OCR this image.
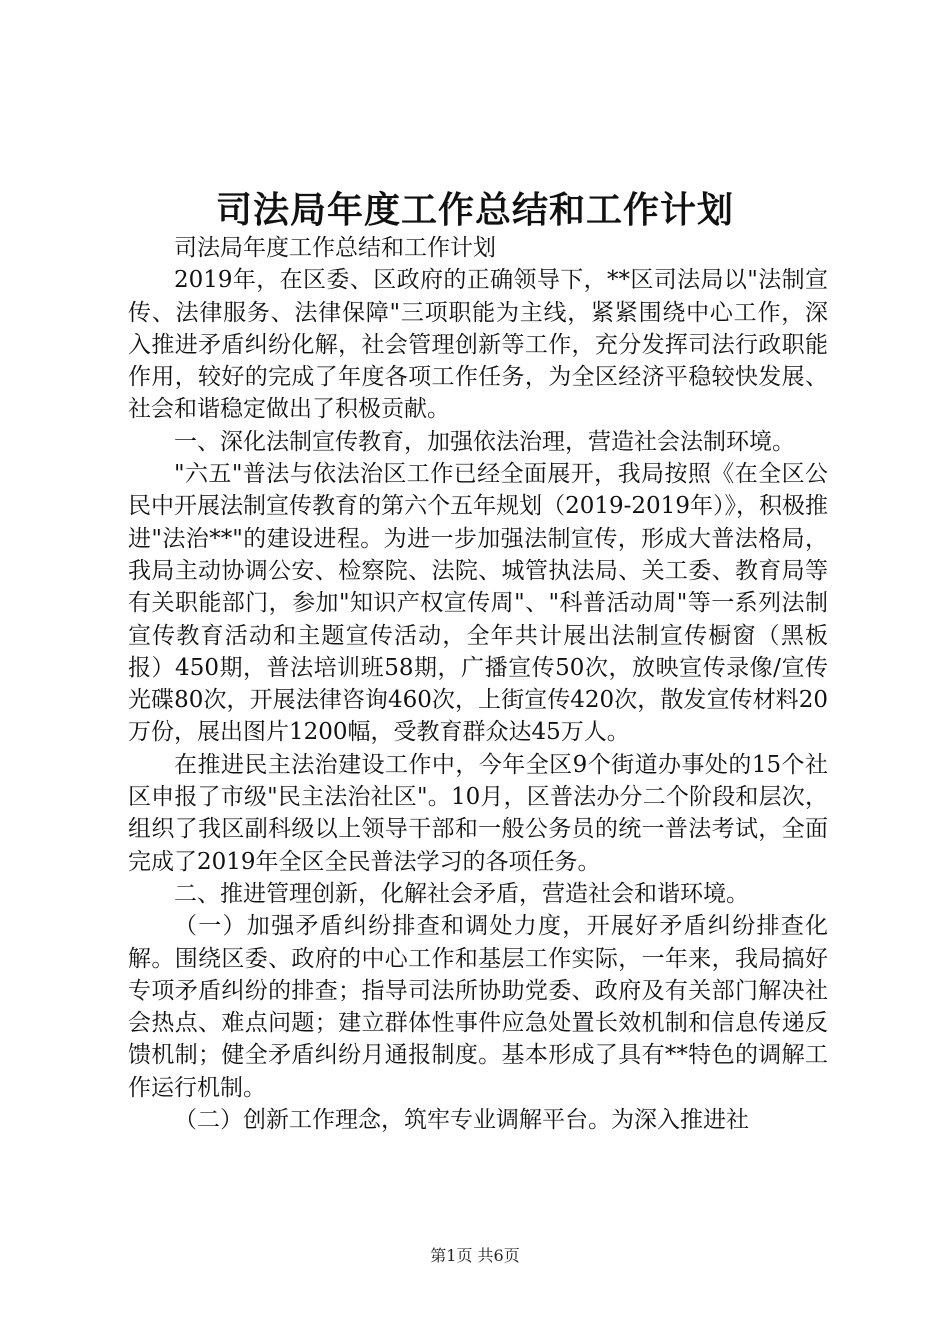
司法局年度工作总结和工作计划

司法局年度工作总结和工作计划

2019年，在区委、区政府的正确领导下，**区司法局以"法制宣传、法律服务、法律保障"三项职能为主线，紧紧围绕中心工作，深入推进矛盾纠纷化解，社会管理创新等工作，充分发挥司法行政职能作用，较好的完成了年度各项工作任务，为全区经济平稳较快发展、社会和谐稳定做出了积极贡献。

一、深化法制宣传教育，加强依法治理，营造社会法制环境。

"六五"普法与依法治区工作已经全面展开，我局按照《在全区公民中开展法制宣传教育的第六个五年规划（2019-2019年）》，积极推进"法治**"的建设进程。为进一步加强法制宣传，形成大普法格局，我局主动协调公安、检察院、法院、城管执法局、关工委、教育局等有关职能部门，参加"知识产权宣传周"、"科普活动周"等一系列法制宣传教育活动和主题宣传活动，全年共计展出法制宣传橱窗（黑板报）450期，普法培训班58期，广播宣传50次，放映宣传录像/宣传光碟80次，开展法律咨询460次，上街宣传420次，散发宣传材料20万份，展出图片1200幅，受教育群众达45万人。

在推进民主法治建设工作中，今年全区9个街道办事处的15个社区申报了市级"民主法治社区"。10月，区普法办分二个阶段和层次，组织了我区副科级以上领导干部和一般公务员的统一普法考试，全面完成了2019年全区全民普法学习的各项任务。

二、推进管理创新，化解社会矛盾，营造社会和谐环境。

（一）加强矛盾纠纷排查和调处力度，开展好矛盾纠纷排查化解。围绕区委、政府的中心工作和基层工作实际，一年来，我局搞好专项矛盾纠纷的排查；指导司法所协助党委、政府及有关部门解决社会热点、难点问题；建立群体性事件应急处置长效机制和信息传递反馈机制；健全矛盾纠纷月通报制度。基本形成了具有**特色的调解工作运行机制。

（二）创新工作理念，筑牢专业调解平台。为深入推进社

第1页 共6页
